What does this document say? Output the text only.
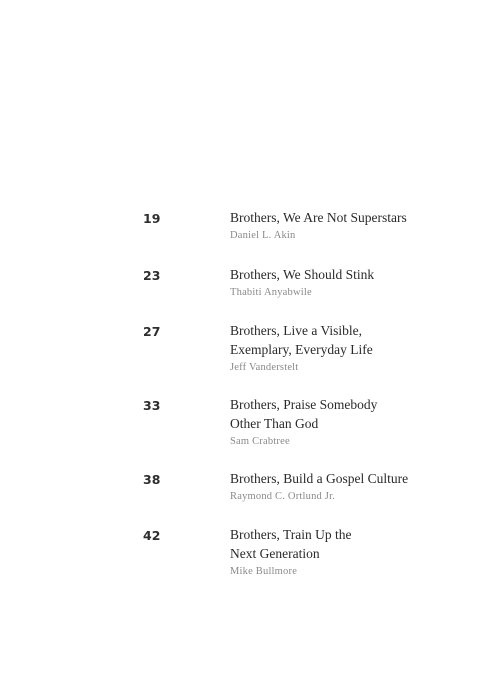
19	Brothers, We Are Not Superstars
Daniel L. Akin
23	Brothers, We Should Stink
Thabiti Anyabwile
27	Brothers, Live a Visible,
Exemplary, Everyday Life
Jeff Vanderstelt
33	Brothers, Praise Somebody
Other Than God
Sam Crabtree
38	Brothers, Build a Gospel Culture
Raymond C. Ortlund Jr.
42	Brothers, Train Up the
Next Generation
Mike Bullmore
